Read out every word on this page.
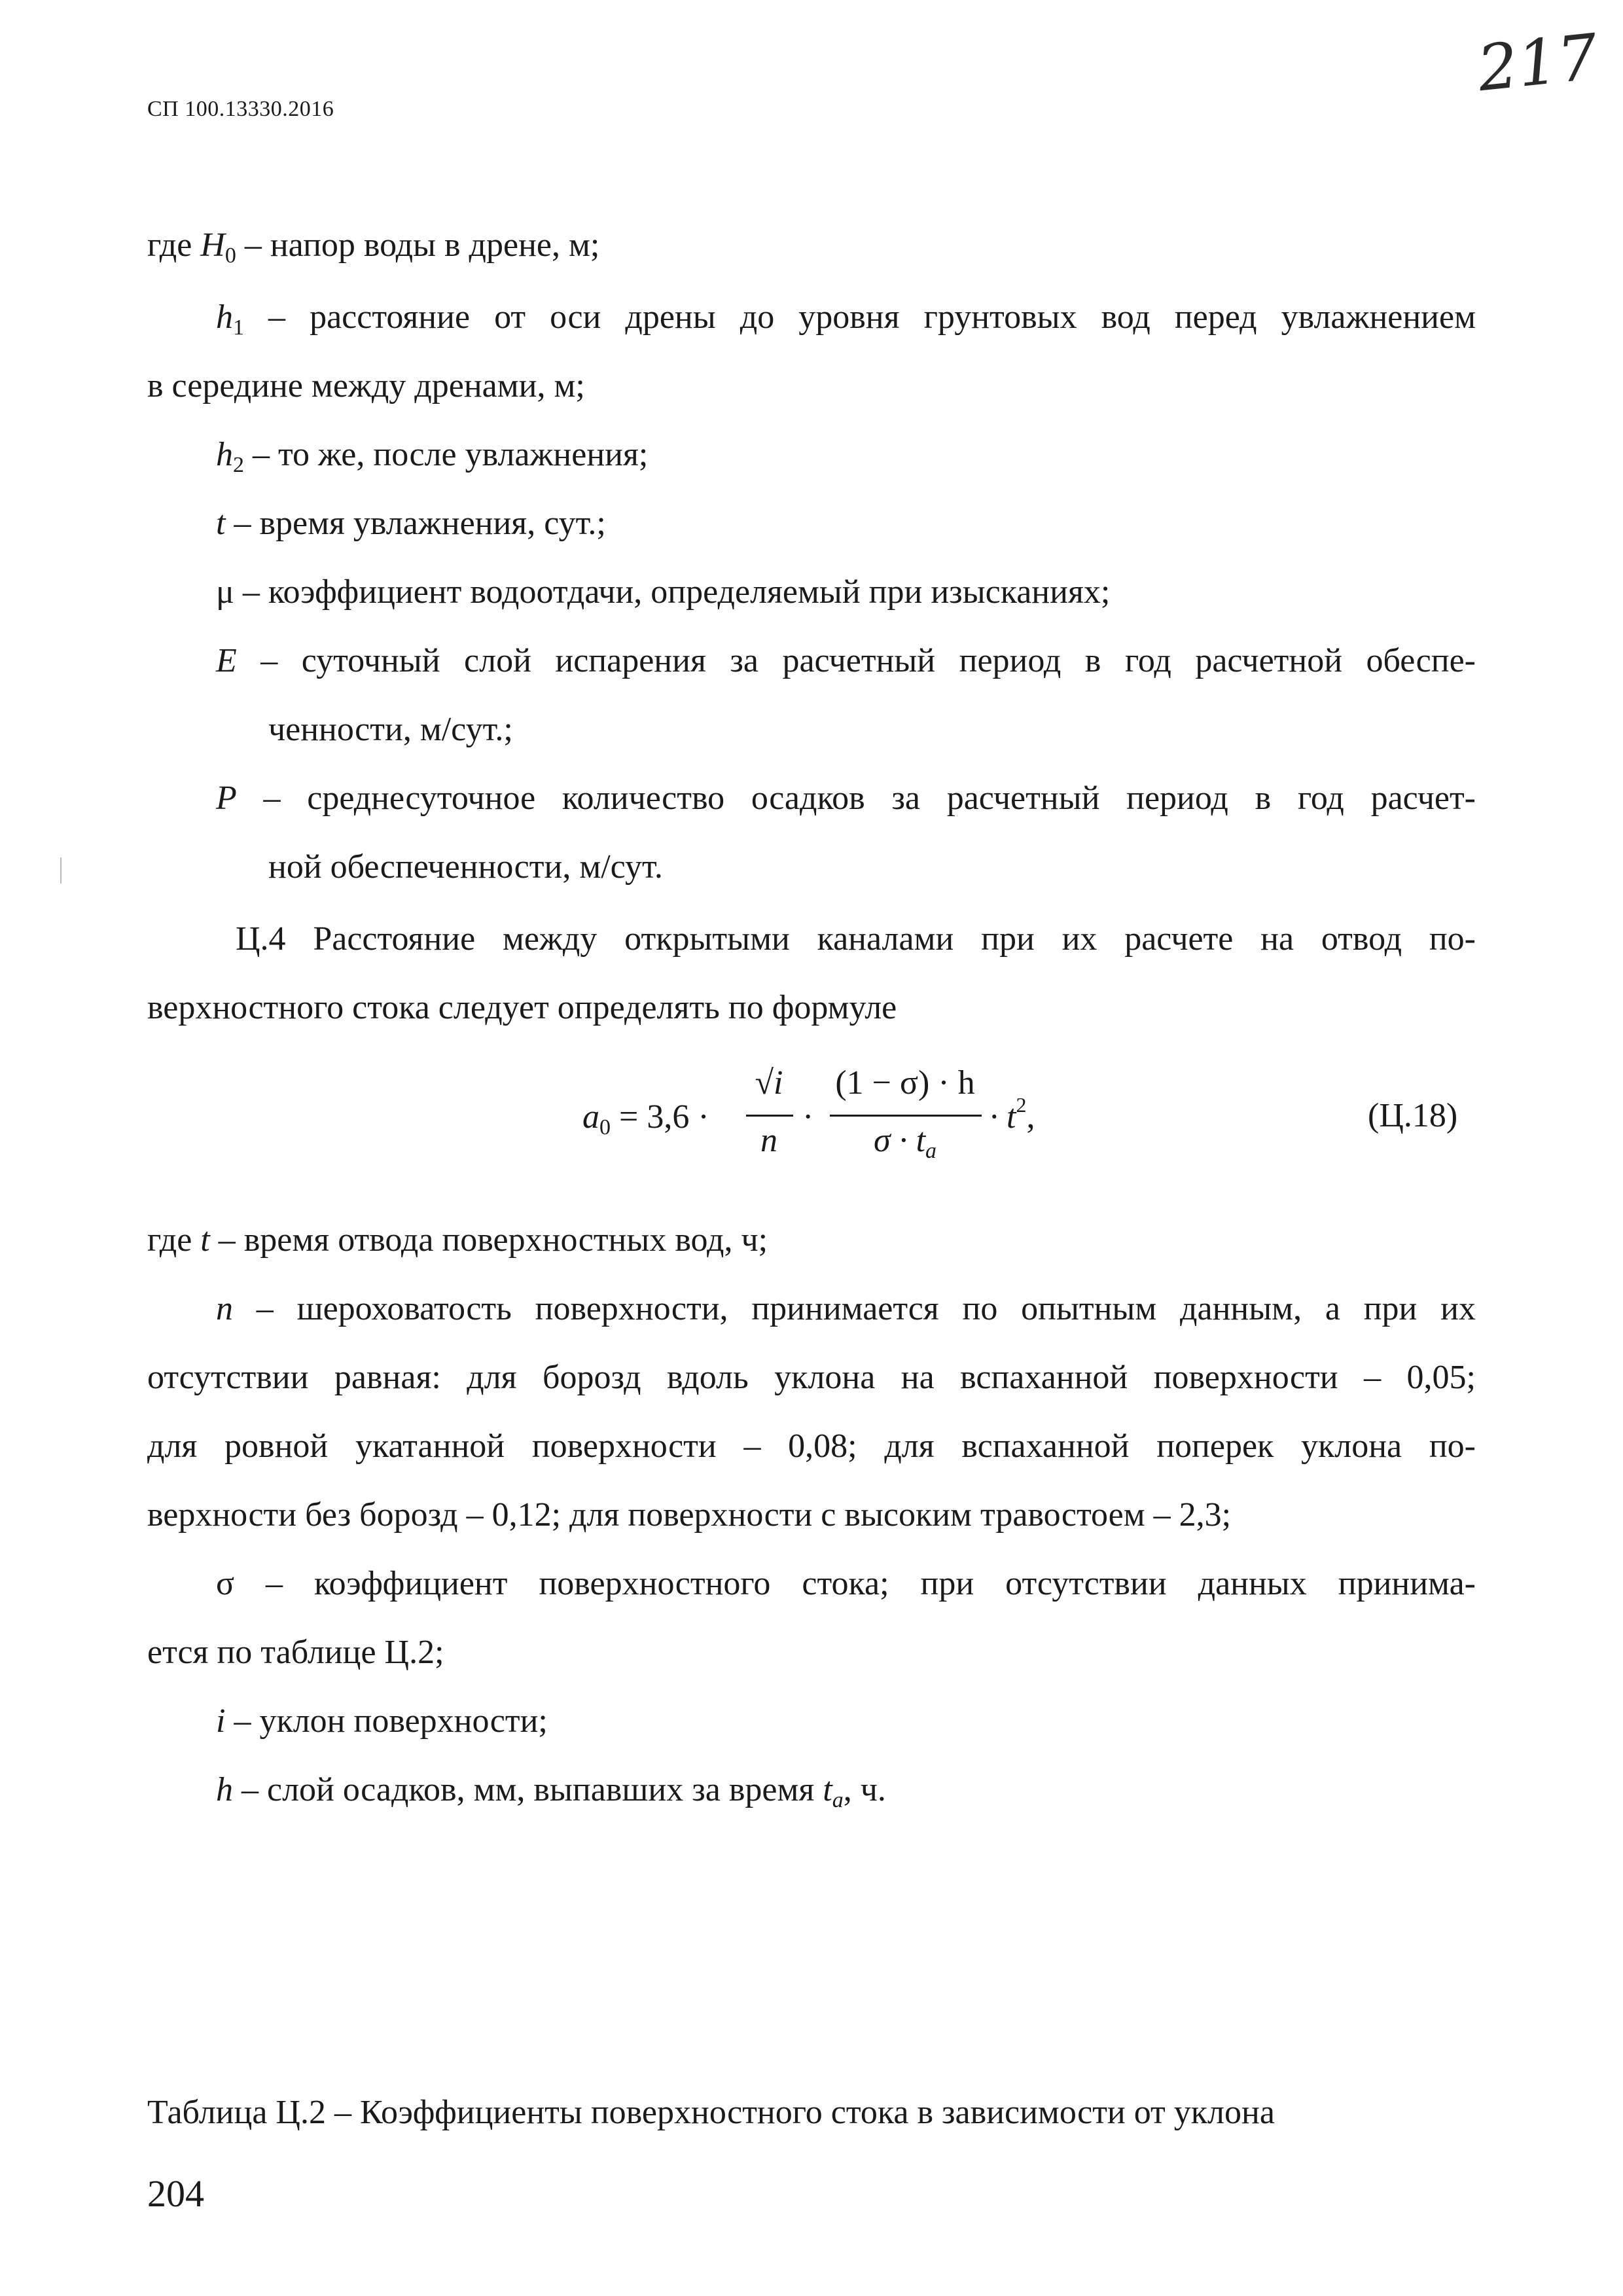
СП 100.13330.2016
217
где $H_0$ – напор воды в дрене, м;
$h_1$ – расстояние от оси дрены до уровня грунтовых вод перед увлажнением
в середине между дренами, м;
$h_2$ – то же, после увлажнения;
t – время увлажнения, сут.;
μ – коэффициент водоотдачи, определяемый при изысканиях;
E – суточный слой испарения за расчетный период в год расчетной обеспе-
ченности, м/сут.;
P – среднесуточное количество осадков за расчетный период в год расчет-
ной обеспеченности, м/сут.
Ц.4 Расстояние между открытыми каналами при их расчете на отвод по-
верхностного стока следует определять по формуле
$a_0 = 3,6$ ·
√i
n
·
(1 − σ) · h
$\sigma \cdot t_a$
· $t^2$,	(Ц.18)
где t – время отвода поверхностных вод, ч;
n – шероховатость поверхности, принимается по опытным данным, а при их
отсутствии равная: для борозд вдоль уклона на вспаханной поверхности – 0,05;
для ровной укатанной поверхности – 0,08; для вспаханной поперек уклона по-
верхности без борозд – 0,12; для поверхности с высоким травостоем – 2,3;
σ – коэффициент поверхностного стока; при отсутствии данных принима-
ется по таблице Ц.2;
i – уклон поверхности;
h – слой осадков, мм, выпавших за время $t_a$, ч.
Таблица Ц.2 – Коэффициенты поверхностного стока в зависимости от уклона
204
